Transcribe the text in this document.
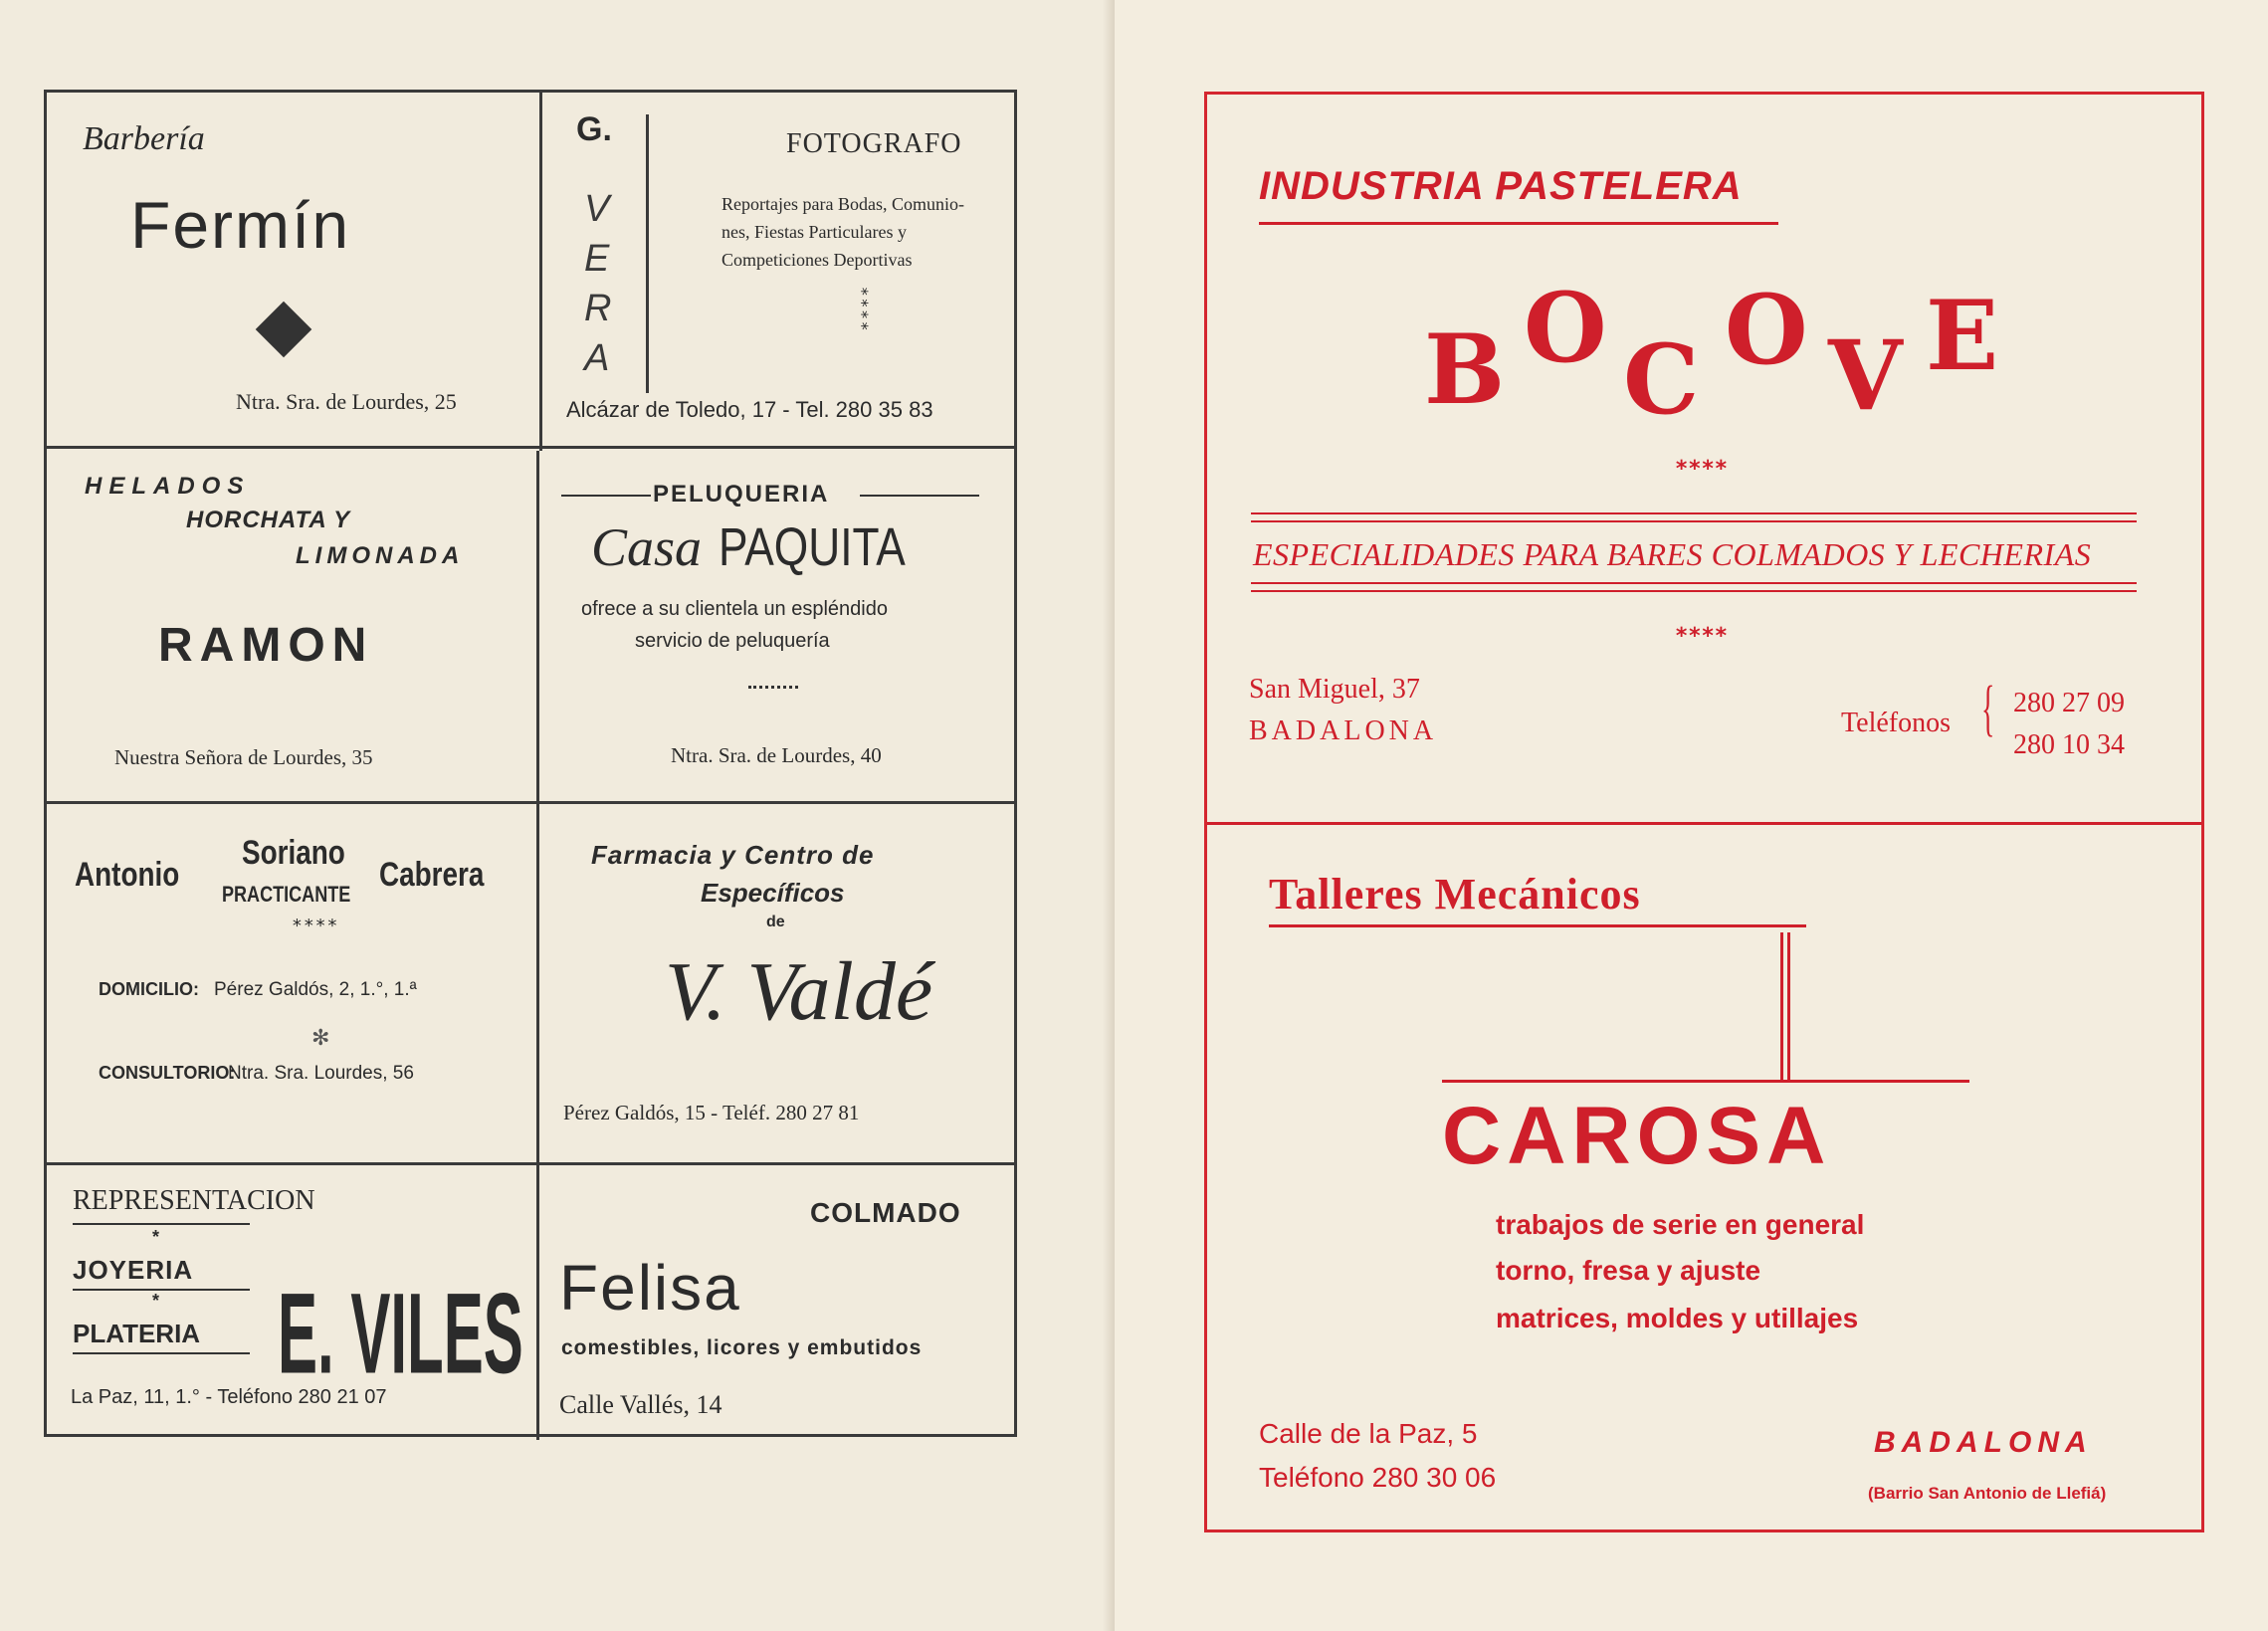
Barbería
Fermín
Ntra. Sra. de Lourdes, 25
G.
V
E
R
A
FOTOGRAFO
Reportajes para Bodas, Comunio-
nes, Fiestas Particulares y
Competiciones Deportivas
****
Alcázar de Toledo, 17 - Tel. 280 35 83
HELADOS
HORCHATA Y
LIMONADA
RAMON
Nuestra Señora de Lourdes, 35
PELUQUERIA
Casa PAQUITA
ofrece a su clientela un espléndido
servicio de peluquería
Ntra. Sra. de Lourdes, 40
Antonio
Soriano
Cabrera
PRACTICANTE
****
DOMICILIO: Pérez Galdós, 2, 1.°, 1.ª
✻
CONSULTORIO:
Ntra. Sra. Lourdes, 56
Farmacia y Centro de
Específicos
de
V. Valdé
Pérez Galdós, 15 - Teléf. 280 27 81
REPRESENTACION
*
JOYERIA
*
PLATERIA E. VILES
La Paz, 11, 1.° - Teléfono 280 21 07
COLMADO
Felisa
comestibles, licores y embutidos
Calle Vallés, 14
INDUSTRIA PASTELERA
B O C O V E
****
ESPECIALIDADES PARA BARES COLMADOS Y LECHERIAS
****
San Miguel, 37
BADALONA	Teléfonos { 280 27 09
280 10 34
Talleres Mecánicos
CAROSA
trabajos de serie en general
torno, fresa y ajuste
matrices, moldes y utillajes
Calle de la Paz, 5
Teléfono 280 30 06
BADALONA
(Barrio San Antonio de Llefiá)
